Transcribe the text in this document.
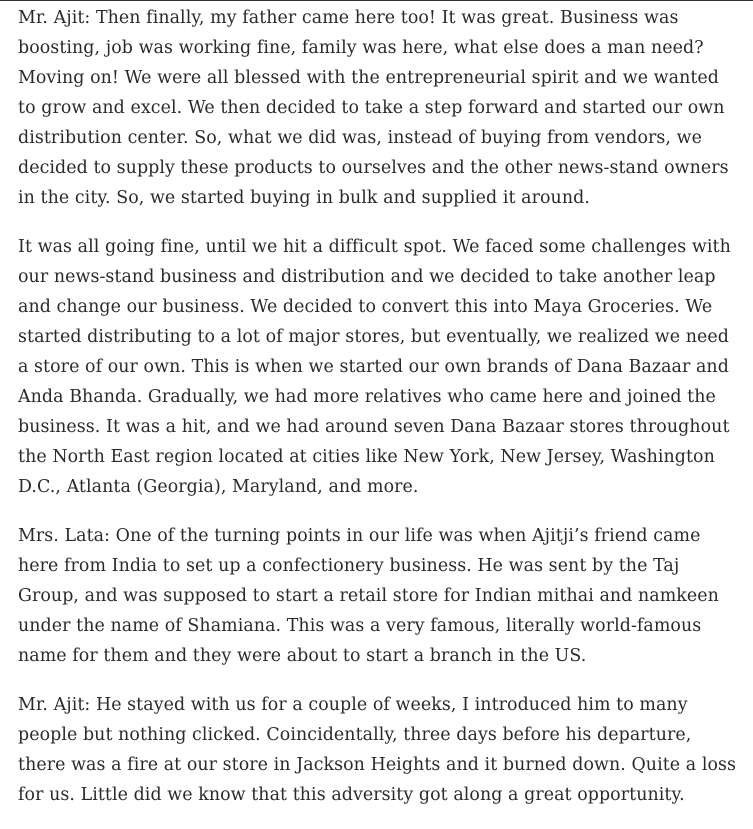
Mr. Ajit: Then finally, my father came here too! It was great. Business was boosting, job was working fine, family was here, what else does a man need? Moving on! We were all blessed with the entrepreneurial spirit and we wanted to grow and excel. We then decided to take a step forward and started our own distribution center. So, what we did was, instead of buying from vendors, we decided to supply these products to ourselves and the other news-stand owners in the city. So, we started buying in bulk and supplied it around.

It was all going fine, until we hit a difficult spot. We faced some challenges with our news-stand business and distribution and we decided to take another leap and change our business. We decided to convert this into Maya Groceries. We started distributing to a lot of major stores, but eventually, we realized we need a store of our own. This is when we started our own brands of Dana Bazaar and Anda Bhanda. Gradually, we had more relatives who came here and joined the business. It was a hit, and we had around seven Dana Bazaar stores throughout the North East region located at cities like New York, New Jersey, Washington D.C., Atlanta (Georgia), Maryland, and more.

Mrs. Lata: One of the turning points in our life was when Ajitji’s friend came here from India to set up a confectionery business. He was sent by the Taj Group, and was supposed to start a retail store for Indian mithai and namkeen under the name of Shamiana. This was a very famous, literally world-famous name for them and they were about to start a branch in the US.

Mr. Ajit: He stayed with us for a couple of weeks, I introduced him to many people but nothing clicked. Coincidentally, three days before his departure, there was a fire at our store in Jackson Heights and it burned down. Quite a loss for us. Little did we know that this adversity got along a great opportunity.
